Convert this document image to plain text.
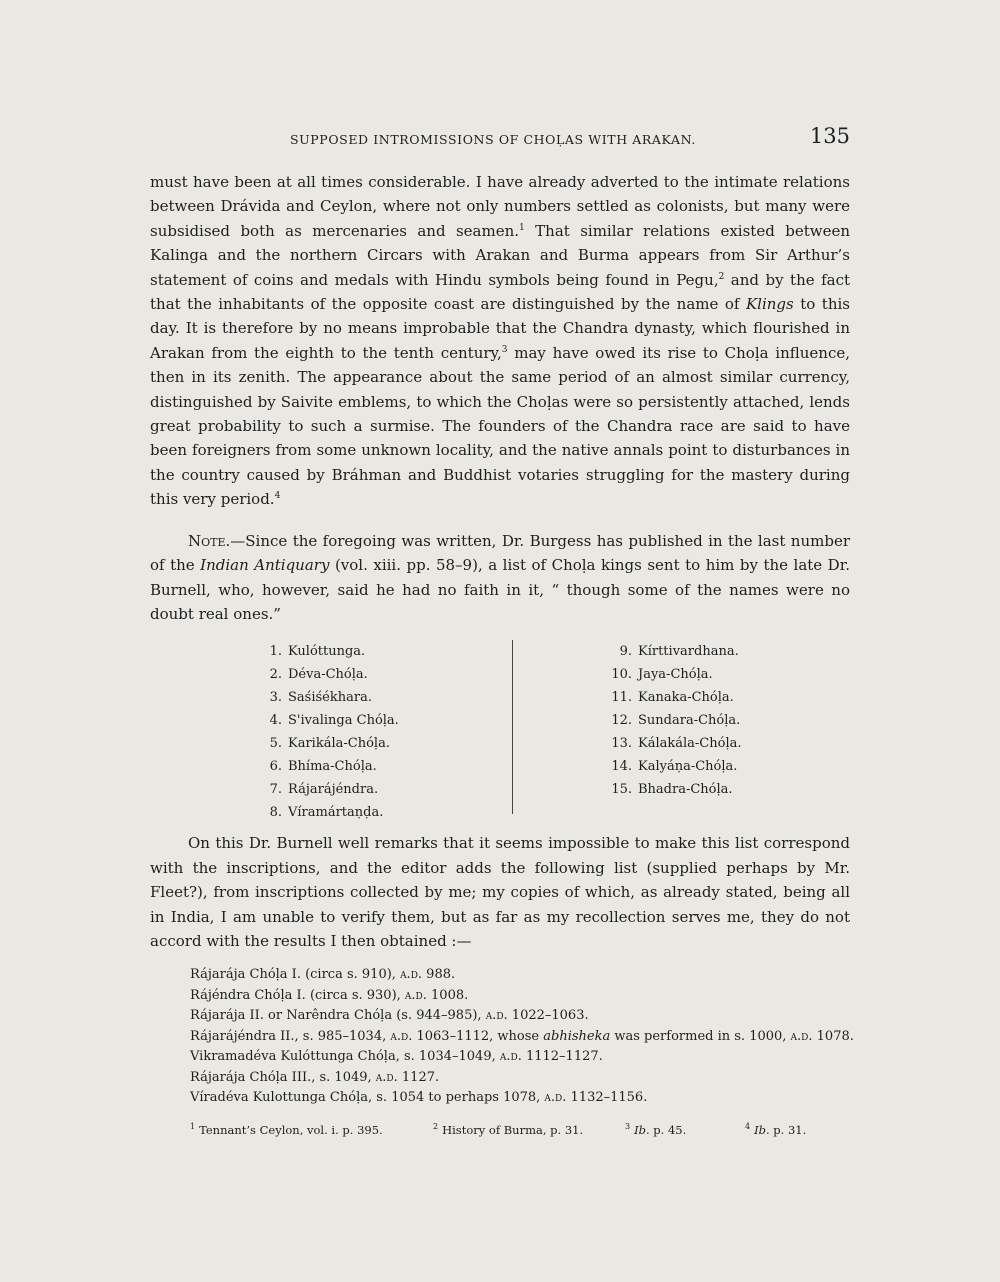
SUPPOSED INTROMISSIONS OF CHOḶAS WITH ARAKAN.	135

must have been at all times considerable. I have already adverted to the intimate relations between Drávida and Ceylon, where not only numbers settled as colonists, but many were subsidised both as mercenaries and seamen.$^1$ That similar relations existed between Kalinga and the northern Circars with Arakan and Burma appears from Sir Arthur’s statement of coins and medals with Hindu symbols being found in Pegu,$^2$ and by the fact that the inhabitants of the opposite coast are distinguished by the name of Klings to this day. It is therefore by no means improbable that the Chandra dynasty, which flourished in Arakan from the eighth to the tenth century,$^3$ may have owed its rise to Choḷa influence, then in its zenith. The appearance about the same period of an almost similar currency, distinguished by Saivite emblems, to which the Choḷas were so persistently attached, lends great probability to such a surmise. The founders of the Chandra race are said to have been foreigners from some unknown locality, and the native annals point to disturbances in the country caused by Bráhman and Buddhist votaries struggling for the mastery during this very period.$^4$

Note.—Since the foregoing was written, Dr. Burgess has published in the last number of the Indian Antiquary (vol. xiii. pp. 58–9), a list of Choḷa kings sent to him by the late Dr. Burnell, who, however, said he had no faith in it, “ though some of the names were no doubt real ones.”

1. Kulóttunga.
2. Déva-Chóḷa.
3. Saśiśékhara.
4. S'ivalinga Chóḷa.
5. Karikála-Chóḷa.
6. Bhíma-Chóḷa.
7. Rájarájéndra.
8. Víramártaṇḍa.
9. Kírttivardhana.
10. Jaya-Chóḷa.
11. Kanaka-Chóḷa.
12. Sundara-Chóḷa.
13. Kálakála-Chóḷa.
14. Kalyáṇa-Chóḷa.
15. Bhadra-Chóḷa.

On this Dr. Burnell well remarks that it seems impossible to make this list correspond with the inscriptions, and the editor adds the following list (supplied perhaps by Mr. Fleet?), from inscriptions collected by me; my copies of which, as already stated, being all in India, I am unable to verify them, but as far as my recollection serves me, they do not accord with the results I then obtained :—

Rájarája Chóḷa I. (circa s. 910), a.d. 988.
Rájéndra Chóḷa I. (circa s. 930), a.d. 1008.
Rájarája II. or Narêndra Chóḷa (s. 944–985), a.d. 1022–1063.
Rájarájéndra II., s. 985–1034, a.d. 1063–1112, whose abhisheka was performed in s. 1000, a.d. 1078.
Vikramadéva Kulóttunga Chóḷa, s. 1034–1049, a.d. 1112–1127.
Rájarája Chóḷa III., s. 1049, a.d. 1127.
Víradéva Kulottunga Chóḷa, s. 1054 to perhaps 1078, a.d. 1132–1156.
$^1$ Tennant’s Ceylon, vol. i. p. 395.	$^2$ History of Burma, p. 31.	$^3$ Ib. p. 45.	$^4$ Ib. p. 31.
